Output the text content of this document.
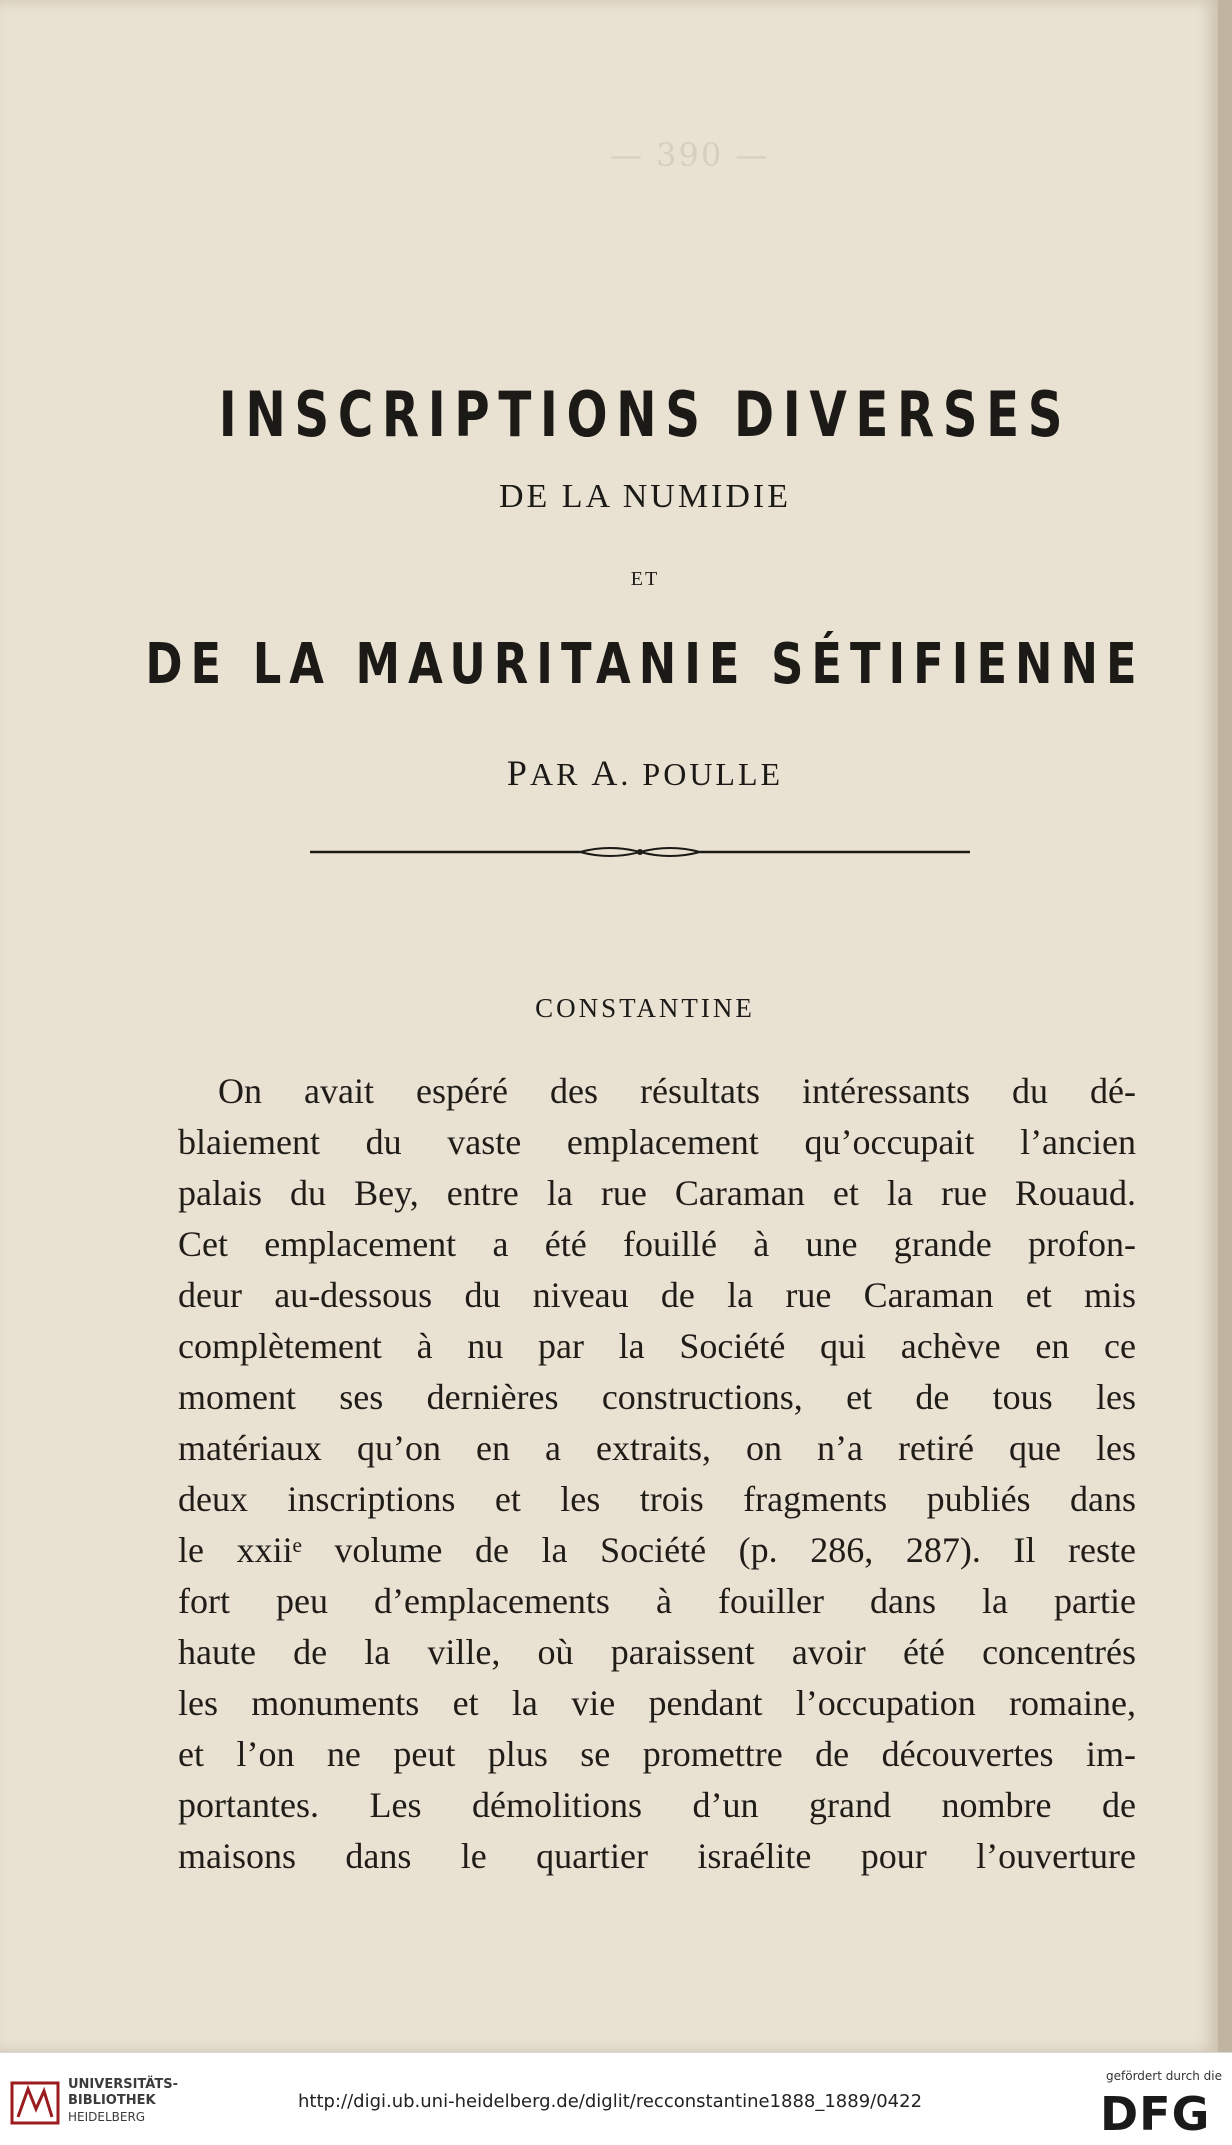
— 390 —
INSCRIPTIONS DIVERSES
DE LA NUMIDIE
ET
DE LA MAURITANIE SÉTIFIENNE
PAR A. POULLE
CONSTANTINE
On avait espéré des résultats intéressants du dé-
blaiement du vaste emplacement qu’occupait l’ancien
palais du Bey, entre la rue Caraman et la rue Rouaud.
Cet emplacement a été fouillé à une grande profon-
deur au-dessous du niveau de la rue Caraman et mis
complètement à nu par la Société qui achève en ce
moment ses dernières constructions, et de tous les
matériaux qu’on en a extraits, on n’a retiré que les
deux inscriptions et les trois fragments publiés dans
le xxiiᵉ volume de la Société (p. 286, 287). Il reste
fort peu d’emplacements à fouiller dans la partie
haute de la ville, où paraissent avoir été concentrés
les monuments et la vie pendant l’occupation romaine,
et l’on ne peut plus se promettre de découvertes im-
portantes. Les démolitions d’un grand nombre de
maisons dans le quartier israélite pour l’ouverture
UNIVERSITÄTS-
BIBLIOTHEK
HEIDELBERG
http://digi.ub.uni-heidelberg.de/diglit/recconstantine1888_1889/0422
gefördert durch die
DFG
